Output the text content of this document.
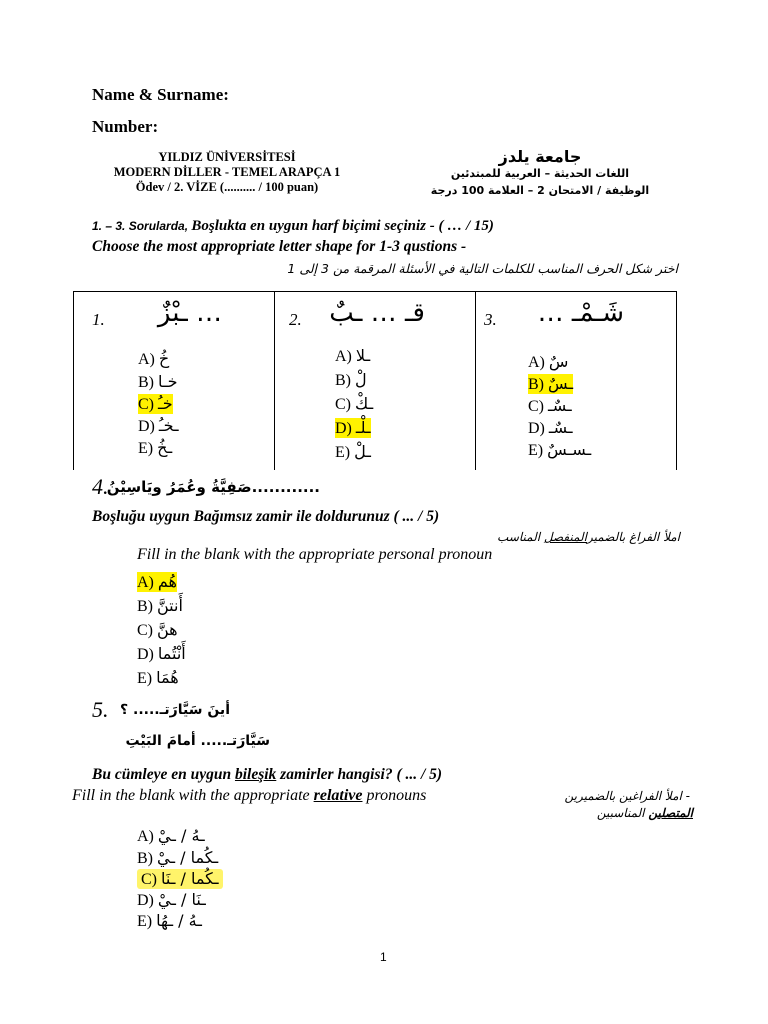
Name & Surname:
Number:
YILDIZ ÜNİVERSİTESİ
MODERN DİLLER - TEMEL ARAPÇA 1
Ödev / 2. VİZE (.......... / 100 puan)
جامعة يلدز
اللغات الحديثة – العربية للمبتدئين
الوظيفة / الامتحان 2 – العلامة 100 درجة
1. – 3. Sorularda, Boşlukta en uygun harf biçimi seçiniz - ( … / 15)
Choose the most appropriate letter shape for 1-3 qustions -
اختر شكل الحرف المناسب للكلمات التالية في الأسئلة المرقمة من 3 إلى 1
1.	… ـبْزٌ
A) خُ
B) خـا
C) خـُ
D) ـخـُ
E) ـخُ

2.	قـ … ـبٌ
A) ـلا
B) لْ
C) ـكْ
D) ـلْـ
E) ـلْ

3.	شَـمْـ …
A) سٌ
B) ـسٌ
C) ـسٌـ
D) ـسٌـ
E) ـسـسٌ
4.
............صَفِيَّةُ وعُمَرُ ويَاسِيْنُ
Boşluğu uygun Bağımsız zamir ile doldurunuz ( ... / 5)
املأ الفراغ بالضميرالمنفصل المناسب
Fill in the blank with the appropriate personal pronoun
A) هُم
B) أَنتنَّ
C) هنَّ
D) أَنْتُما
E) هُمَا
5. أينَ سَيَّارَتـ..... ؟
سَيَّارَتـ..... أمامَ البَيْتِ
Bu cümleye en uygun bileşik zamirler hangisi? ( ... / 5)
Fill in the blank with the appropriate relative pronouns	- املأ الفراغين بالضميرين
المتصلين المناسبين
A) ـهُ / ـيْ
B) ـكُما / ـيْ
C) ـكُما / ـنَا
D) ـنَا / ـيْ
E) ـهُ / ـهُا
1
